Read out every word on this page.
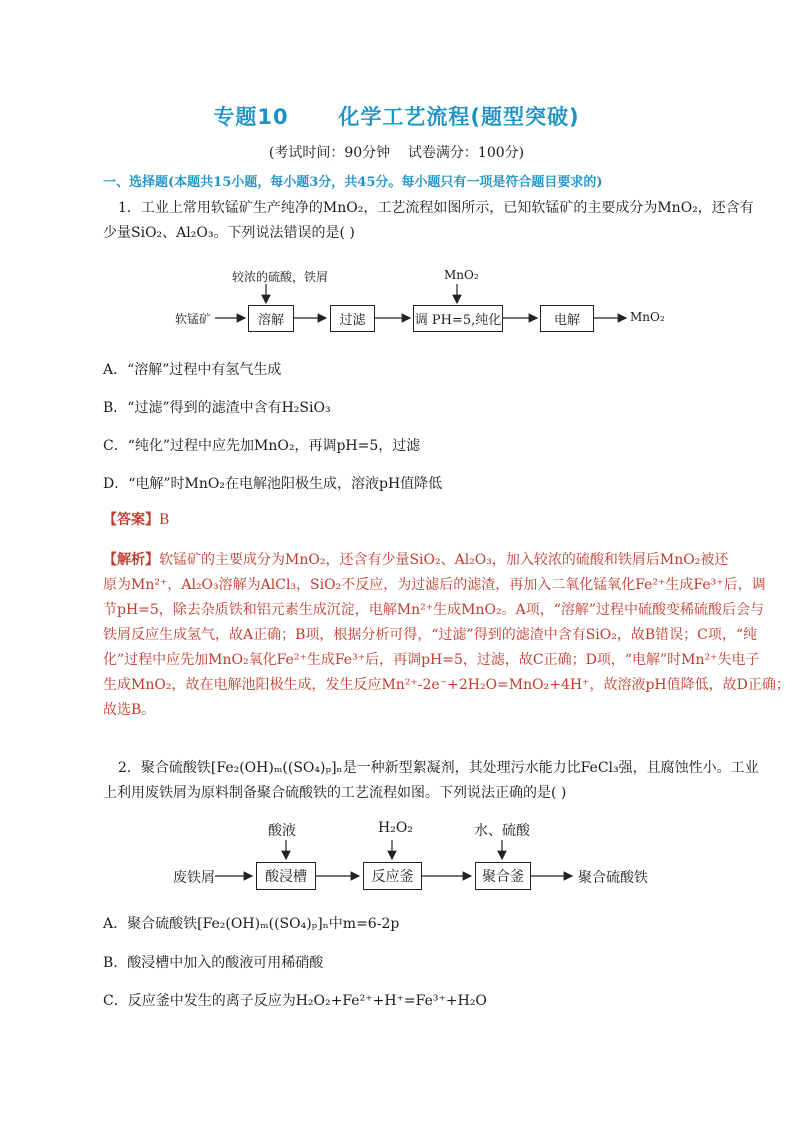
专题10      化学工艺流程(题型突破)
(考试时间：90分钟    试卷满分：100分)
一、选择题(本题共15小题，每小题3分，共45分。每小题只有一项是符合题目要求的)
1．工业上常用软锰矿生产纯净的MnO₂，工艺流程如图所示，已知软锰矿的主要成分为MnO₂，还含有
少量SiO₂、Al₂O₃。下列说法错误的是( )
软锰矿
较浓的硫酸，铁屑	MnO₂
溶解	过滤	调 PH=5,纯化	电解	MnO₂
A．“溶解”过程中有氢气生成
B．“过滤”得到的滤渣中含有H₂SiO₃
C．“纯化”过程中应先加MnO₂，再调pH=5，过滤
D．“电解”时MnO₂在电解池阳极生成，溶液pH值降低
【答案】B
【解析】软锰矿的主要成分为MnO₂，还含有少量SiO₂、Al₂O₃，加入较浓的硫酸和铁屑后MnO₂被还
原为Mn²⁺，Al₂O₃溶解为AlCl₃，SiO₂不反应，为过滤后的滤渣，再加入二氧化锰氧化Fe²⁺生成Fe³⁺后，调
节pH=5，除去杂质铁和铝元素生成沉淀，电解Mn²⁺生成MnO₂。A项，“溶解”过程中硫酸变稀硫酸后会与
铁屑反应生成氢气，故A正确；B项，根据分析可得，“过滤”得到的滤渣中含有SiO₂，故B错误；C项，“纯
化”过程中应先加MnO₂氧化Fe²⁺生成Fe³⁺后，再调pH=5，过滤，故C正确；D项，“电解”时Mn²⁺失电子
生成MnO₂，故在电解池阳极生成，发生反应Mn²⁺-2e⁻+2H₂O=MnO₂+4H⁺，故溶液pH值降低，故D正确；
故选B。
2．聚合硫酸铁[Fe₂(OH)ₘ((SO₄)ₚ]ₙ是一种新型絮凝剂，其处理污水能力比FeCl₃强，且腐蚀性小。工业
上利用废铁屑为原料制备聚合硫酸铁的工艺流程如图。下列说法正确的是( )
废铁屑
酸液	H₂O₂	水、硫酸
酸浸槽	反应釜	聚合釜	聚合硫酸铁
A．聚合硫酸铁[Fe₂(OH)ₘ((SO₄)ₚ]ₙ中m=6-2p
B．酸浸槽中加入的酸液可用稀硝酸
C．反应釜中发生的离子反应为H₂O₂+Fe²⁺+H⁺=Fe³⁺+H₂O
